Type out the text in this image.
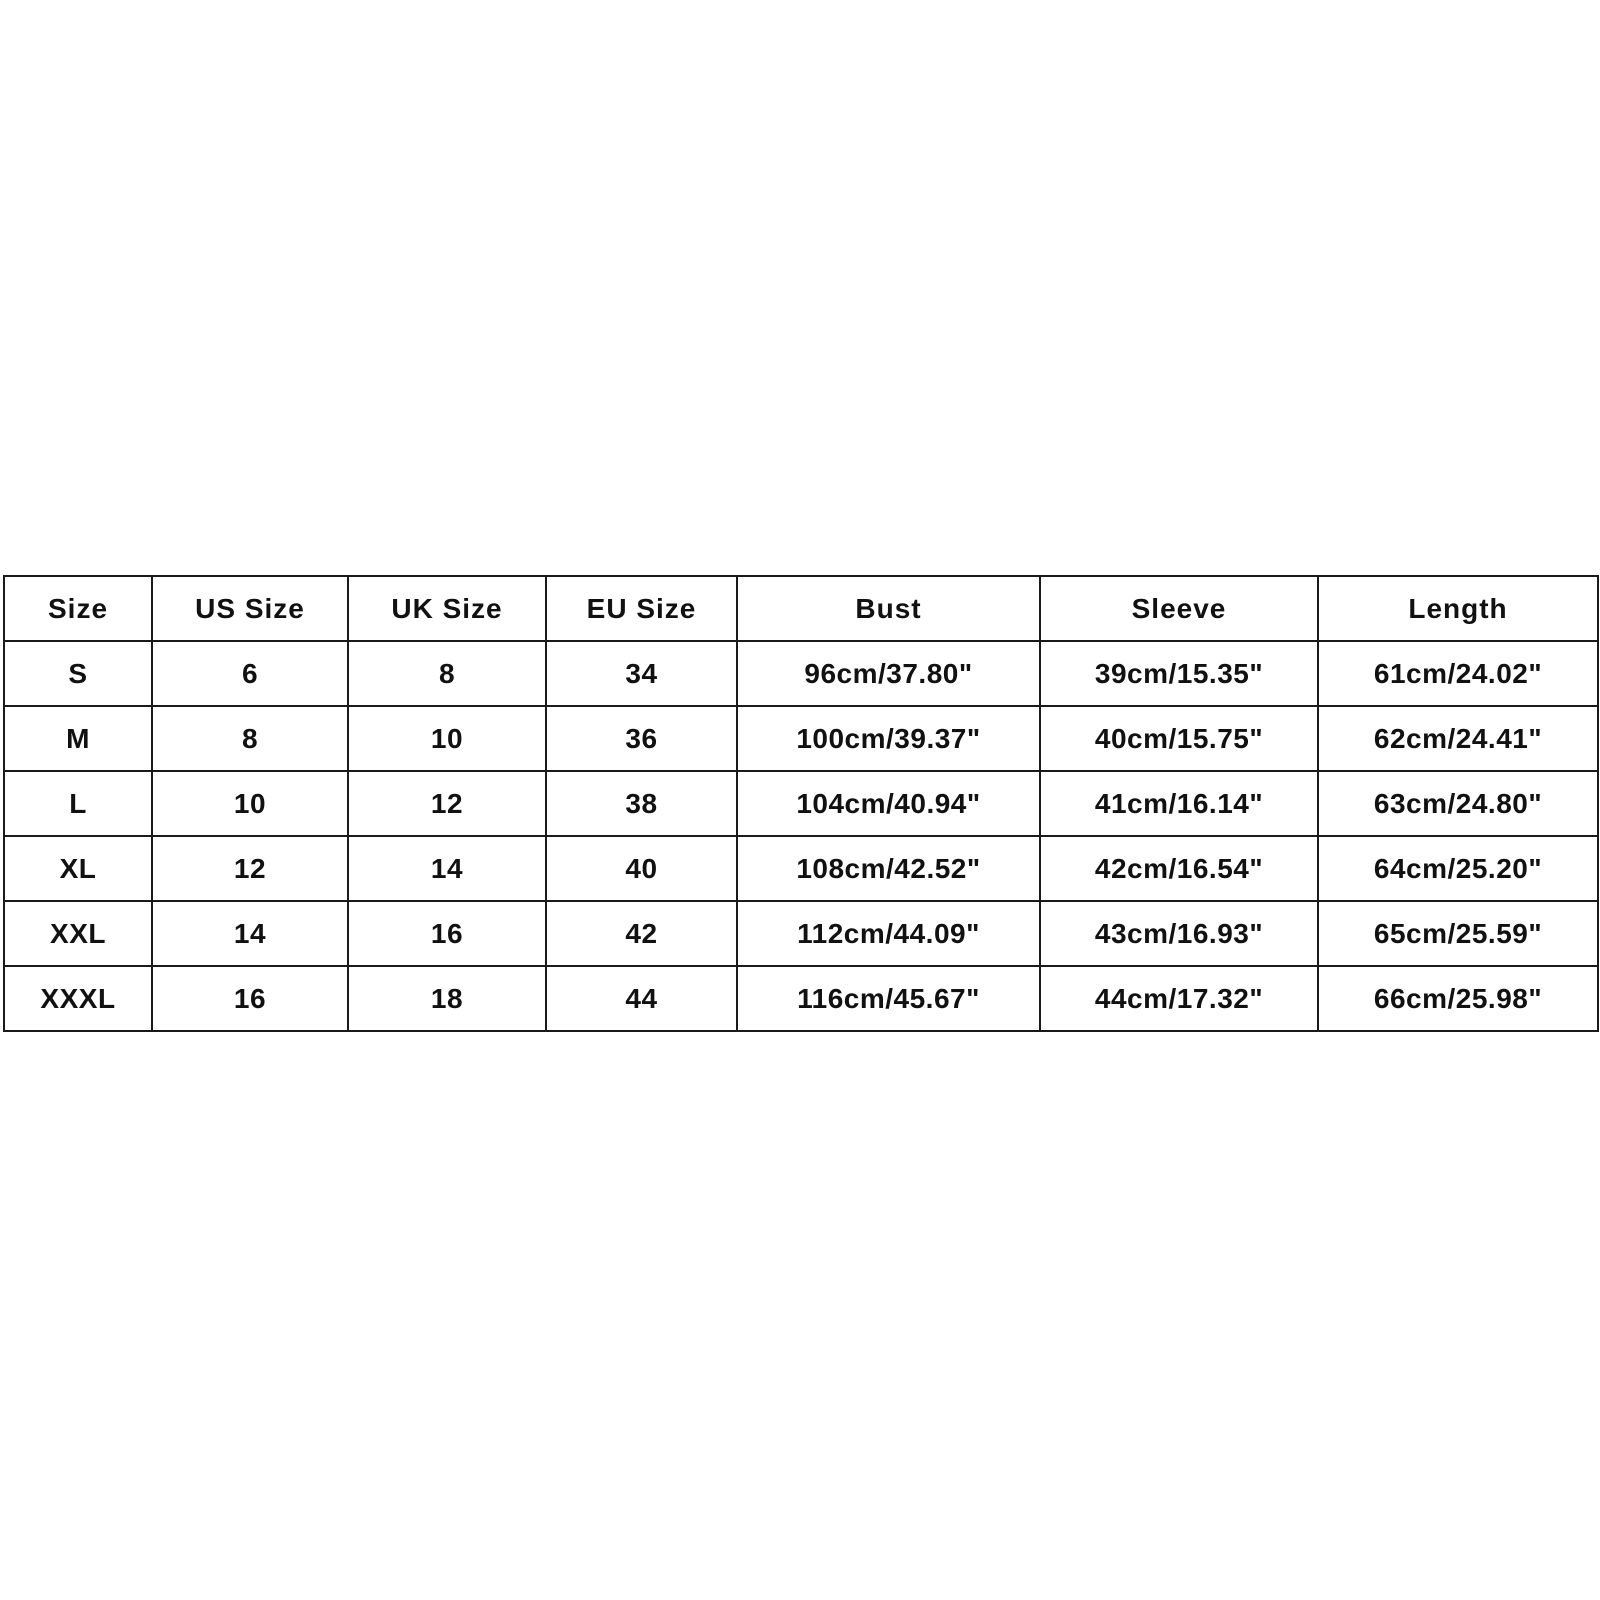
Size	US Size	UK Size	EU Size	Bust	Sleeve	Length
S	6	8	34	96cm/37.80"	39cm/15.35"	61cm/24.02"
M	8	10	36	100cm/39.37"	40cm/15.75"	62cm/24.41"
L	10	12	38	104cm/40.94"	41cm/16.14"	63cm/24.80"
XL	12	14	40	108cm/42.52"	42cm/16.54"	64cm/25.20"
XXL	14	16	42	112cm/44.09"	43cm/16.93"	65cm/25.59"
XXXL	16	18	44	116cm/45.67"	44cm/17.32"	66cm/25.98"
